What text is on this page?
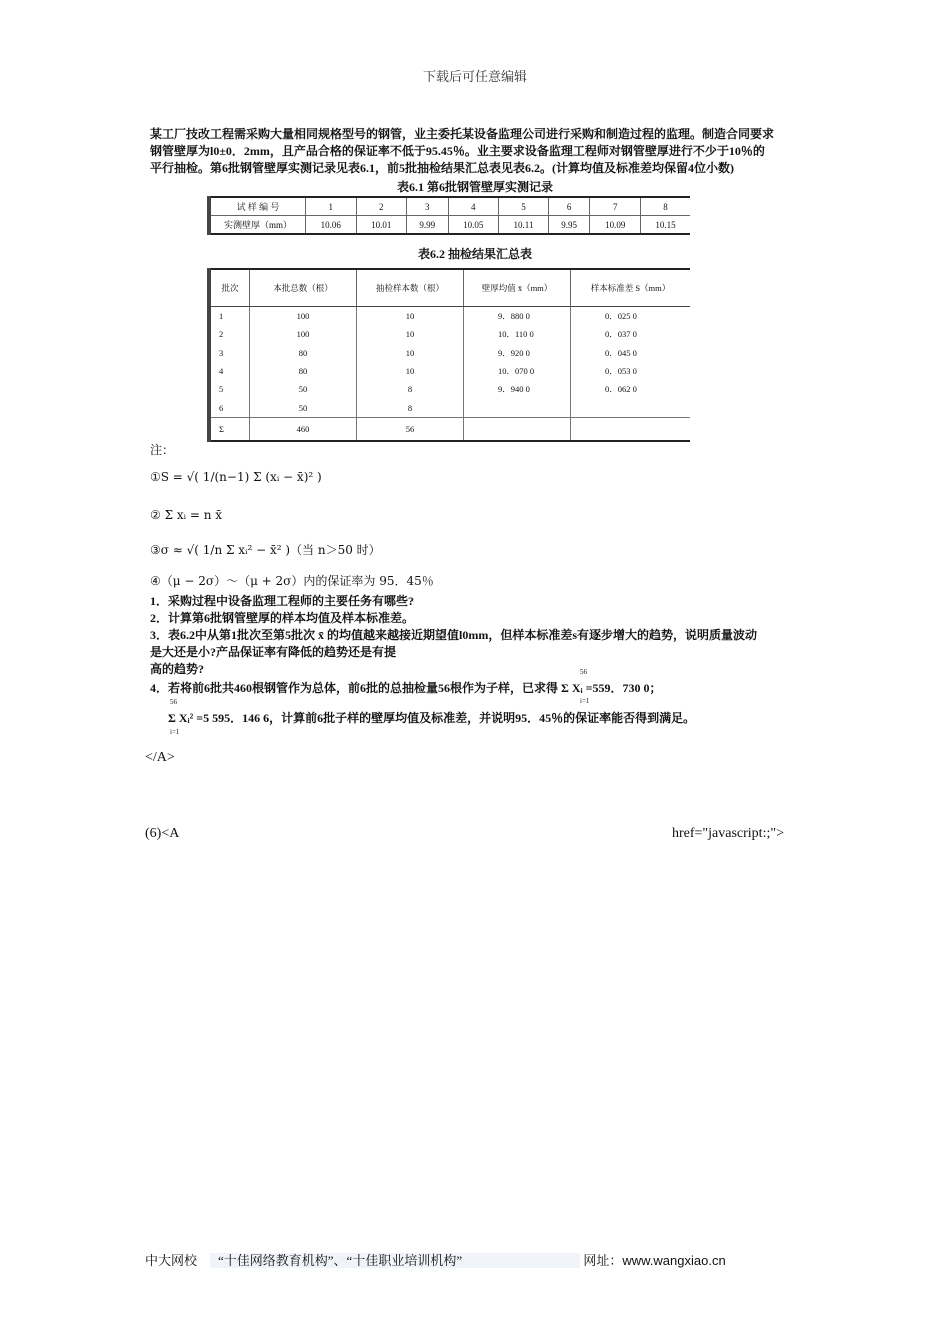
下载后可任意编辑

某工厂技改工程需采购大量相同规格型号的钢管，业主委托某设备监理公司进行采购和制造过程的监理。制造合同要求

钢管壁厚为l0±0．2mm，且产品合格的保证率不低于95.45％。业主要求设备监理工程师对钢管壁厚进行不少于10％的

平行抽检。第6批钢管壁厚实测记录见表6.1，前5批抽检结果汇总表见表6.2。(计算均值及标准差均保留4位小数)

表6.1 第6批钢管壁厚实测记录
试 样 编 号	1	2	3	4	5	6	7	8
实测壁厚（mm）	10.06	10.01	9.99	10.05	10.11	9.95	10.09	10.15
表6.2 抽检结果汇总表
批次	本批总数（根）	抽检样本数（根）	壁厚均值 x̄（mm）	样本标准差 S（mm）
1	100	10	9．880 0	0．025 0
2	100	10	10．110 0	0．037 0
3	80	10	9．920 0	0．045 0
4	80	10	10．070 0	0．053 0
5	50	8	9．940 0	0．062 0
6	50	8		
Σ	460	56		
注：
①S = √( 1/(n−1) Σ (xᵢ − x̄)² )
② Σ xᵢ = n x̄
③σ ≈ √( 1/n Σ xᵢ² − x̄² )（当 n＞50 时）
④（μ − 2σ）～（μ + 2σ）内的保证率为 95．45％

1．采购过程中设备监理工程师的主要任务有哪些?

2．计算第6批钢管壁厚的样本均值及样本标准差。

3．表6.2中从第1批次至第5批次 x̄ 的均值越来越接近期望值l0mm，但样本标准差s有逐步增大的趋势，说明质量波动

是大还是小?产品保证率有降低的趋势还是有提

高的趋势?	56
4．若将前6批共460根钢管作为总体，前6批的总抽检量56根作为子样，已求得 Σ Xᵢ =559．730 0；
i=1
56
Σ Xᵢ² =5 595．146 6，计算前6批子样的壁厚均值及标准差，并说明95．45％的保证率能否得到满足。
i=1
</A>
(6)<A	href="javascript:;">
中大网校 “十佳网络教育机构”、“十佳职业培训机构”	网址：www.wangxiao.cn
